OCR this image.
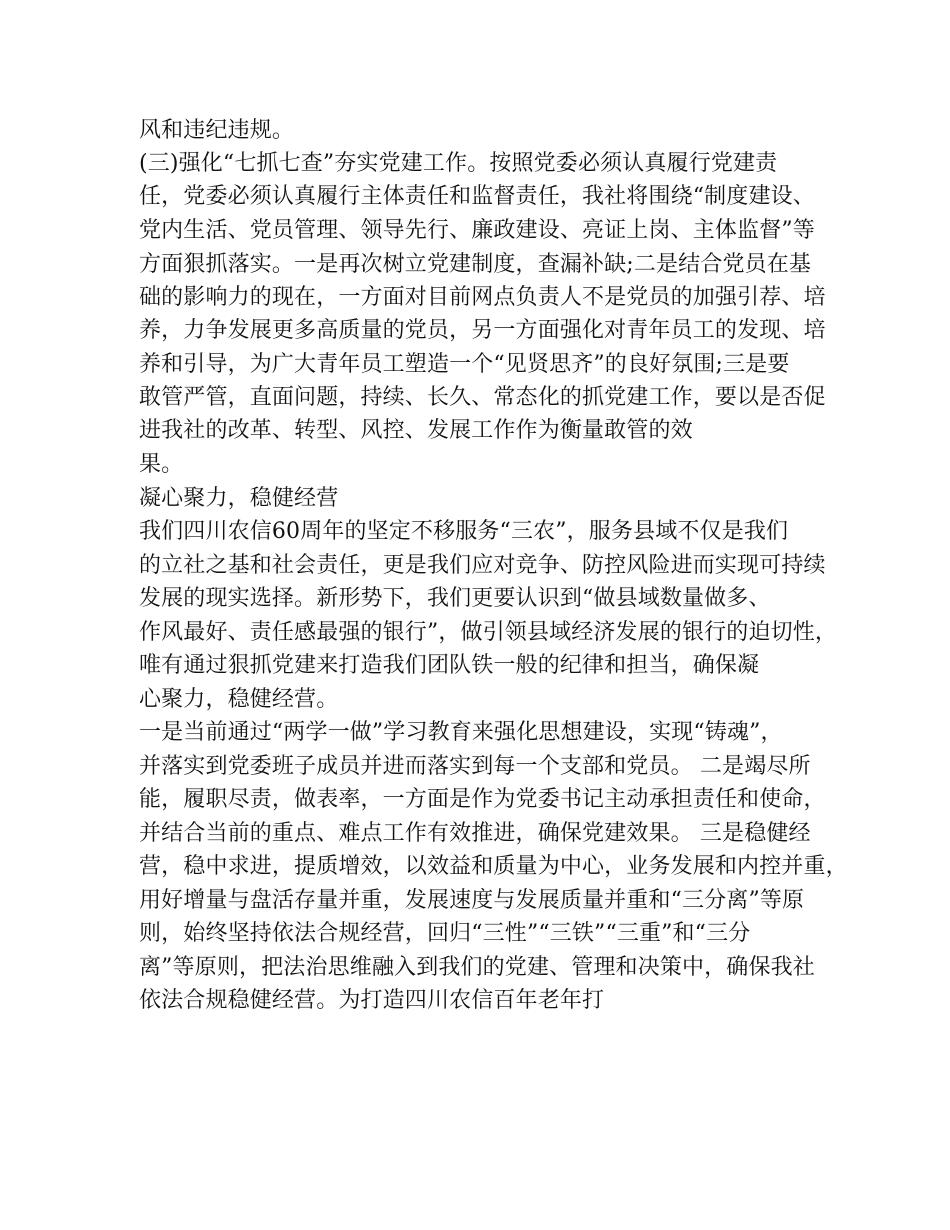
风和违纪违规。
(三)强化“七抓七查”夯实党建工作。按照党委必须认真履行党建责
任，党委必须认真履行主体责任和监督责任，我社将围绕“制度建设、
党内生活、党员管理、领导先行、廉政建设、亮证上岗、主体监督”等
方面狠抓落实。一是再次树立党建制度，查漏补缺;二是结合党员在基
础的影响力的现在，一方面对目前网点负责人不是党员的加强引荐、培
养，力争发展更多高质量的党员，另一方面强化对青年员工的发现、培
养和引导，为广大青年员工塑造一个“见贤思齐”的良好氛围;三是要
敢管严管，直面问题，持续、长久、常态化的抓党建工作，要以是否促
进我社的改革、转型、风控、发展工作作为衡量敢管的效
果。
凝心聚力，稳健经营
我们四川农信60周年的坚定不移服务“三农”，服务县域不仅是我们
的立社之基和社会责任，更是我们应对竞争、防控风险进而实现可持续
发展的现实选择。新形势下，我们更要认识到“做县域数量做多、
作风最好、责任感最强的银行”，做引领县域经济发展的银行的迫切性，
唯有通过狠抓党建来打造我们团队铁一般的纪律和担当，确保凝
心聚力，稳健经营。
一是当前通过“两学一做”学习教育来强化思想建设，实现“铸魂”，
并落实到党委班子成员并进而落实到每一个支部和党员。 二是竭尽所
能，履职尽责，做表率，一方面是作为党委书记主动承担责任和使命，
并结合当前的重点、难点工作有效推进，确保党建效果。 三是稳健经
营，稳中求进，提质增效，以效益和质量为中心，业务发展和内控并重，
用好增量与盘活存量并重，发展速度与发展质量并重和“三分离”等原
则，始终坚持依法合规经营，回归“三性”“三铁”“三重”和“三分
离”等原则，把法治思维融入到我们的党建、管理和决策中，确保我社
依法合规稳健经营。为打造四川农信百年老年打
